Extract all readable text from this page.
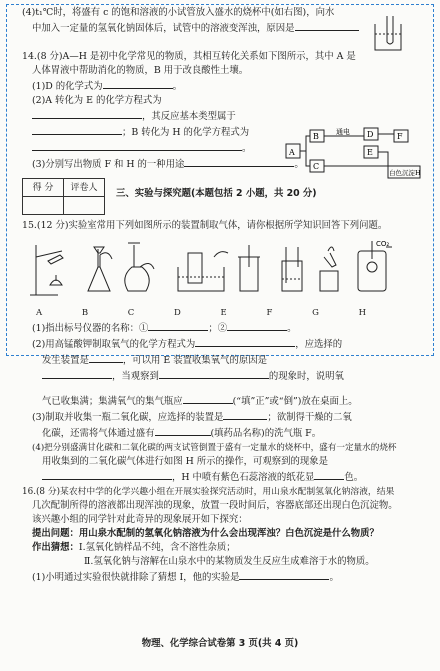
(4)t₁℃时，将盛有 c 的饱和溶液的小试管放入盛水的烧杯中(如右图)，向水
中加入一定量的氢氧化钠固体后，试管中的溶液变浑浊，原因是
14.(8 分)A—H 是初中化学常见的物质，其相互转化关系如下图所示，其中 A 是
人体胃液中帮助消化的物质，B 用于改良酸性土壤。
(1)D 的化学式为	。
(2)A 转化为 E 的化学方程式为
，其反应基本类型属于
；B 转化为 H 的化学方程式为
。
(3)分别写出物质 F 和 H 的一种用途	。
得 分	评卷人
	三、实验与探究题(本题包括 2 小题，共 20 分)
15.(12 分)实验室常用下列如图所示的装置制取气体，请你根据所学知识回答下列问题。
CO₂
A	B	C	D	E	F	G	H
(1)指出标号仪器的名称：①	；②	。
(2)用高锰酸钾制取氧气的化学方程式为	，应选择的
发生装置是	，可以用 E 装置收集氧气的原因是
，当观察到	的现象时，说明氧
气已收集满；集满氧气的集气瓶应	(“填”正”或“倒”)放在桌面上。
(3)制取并收集一瓶二氧化碳，应选择的装置是	；欲制得干燥的二氧
化碳，还需将气体通过盛有	(填药品名称)的洗气瓶 F。
(4)把分别盛满甘化碳和二氧化碳的两支试管倒置于盛有一定量水的烧杯中，盛有一定量水的烧杯
用收集到的二氧化碳气体进行如图 H 所示的操作，可观察到的现象是
，H 中喷有紫色石蕊溶液的纸花显	色。
16.(8 分)某农村中学的化学兴趣小组在开展实验探究活动时，用山泉水配制氢氧化钠溶液，结果
几次配制所得的溶液都出现浑浊的现象，放置一段时间后，容器底部还出现白色沉淀物。
该兴趣小组的同学针对此奇异的现象展开如下探究：
提出问题：用山泉水配制的氢氧化钠溶液为什么会出现浑浊？白色沉淀是什么物质？
作出猜想：Ⅰ.氢氧化钠样品不纯，含不溶性杂质；
Ⅱ.氢氧化钠与溶解在山泉水中的某物质发生反应生成难溶于水的物质。
(1)小明通过实验很快就排除了猜想 Ⅰ，他的实验是	。
A
B
C
D
E
F
通电
白色沉淀H
物理、化学综合试卷第 3 页(共 4 页)
